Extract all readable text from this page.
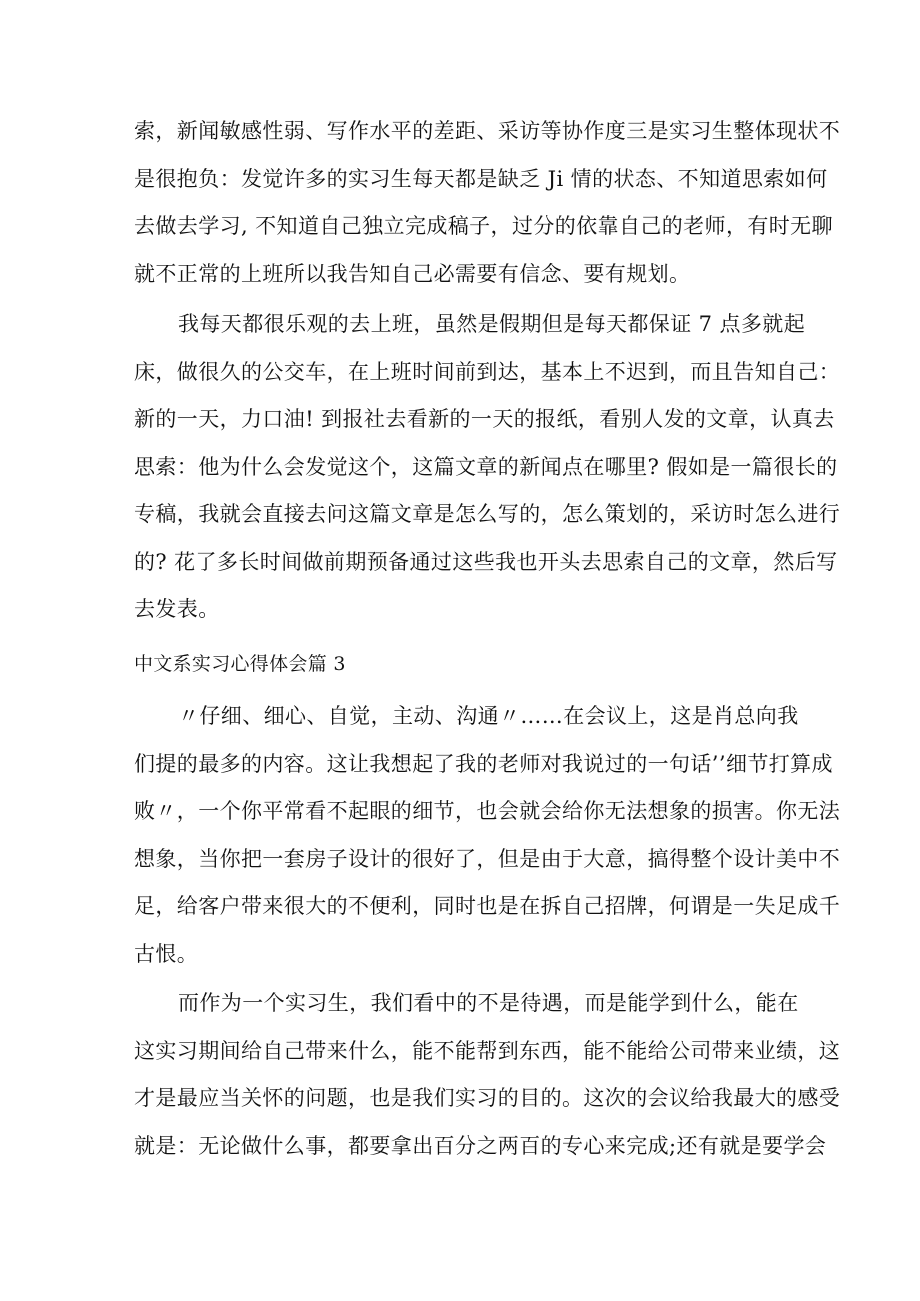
索，新闻敏感性弱、写作水平的差距、采访等协作度三是实习生整体现状不
是很抱负：发觉许多的实习生每天都是缺乏 Ji 情的状态、不知道思索如何
去做去学习, 不知道自己独立完成稿子，过分的依靠自己的老师，有时无聊
就不正常的上班所以我告知自己必需要有信念、要有规划。
我每天都很乐观的去上班，虽然是假期但是每天都保证 7 点多就起
床，做很久的公交车，在上班时间前到达，基本上不迟到，而且告知自己：
新的一天，力口油! 到报社去看新的一天的报纸，看别人发的文章，认真去
思索：他为什么会发觉这个，这篇文章的新闻点在哪里? 假如是一篇很长的
专稿，我就会直接去问这篇文章是怎么写的，怎么策划的，采访时怎么进行
的? 花了多长时间做前期预备通过这些我也开头去思索自己的文章，然后写
去发表。
中文系实习心得体会篇 3
〃仔细、细心、自觉，主动、沟通〃……在会议上，这是肖总向我
们提的最多的内容。这让我想起了我的老师对我说过的一句话’’细节打算成
败〃，一个你平常看不起眼的细节，也会就会给你无法想象的损害。你无法
想象，当你把一套房子设计的很好了，但是由于大意，搞得整个设计美中不
足，给客户带来很大的不便利，同时也是在拆自己招牌，何谓是一失足成千
古恨。
而作为一个实习生，我们看中的不是待遇，而是能学到什么，能在
这实习期间给自己带来什么，能不能帮到东西，能不能给公司带来业绩，这
才是最应当关怀的问题，也是我们实习的目的。这次的会议给我最大的感受
就是：无论做什么事，都要拿出百分之两百的专心来完成;还有就是要学会
